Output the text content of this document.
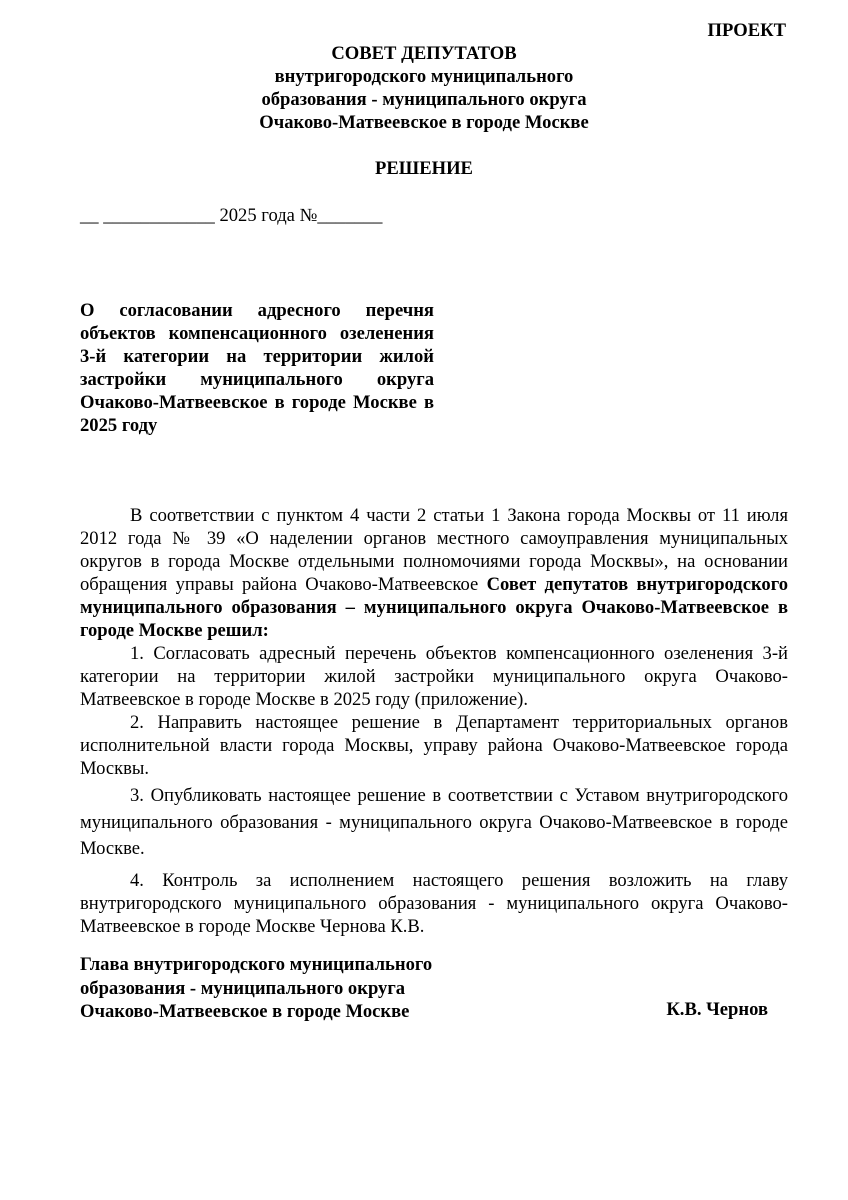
ПРОЕКТ
СОВЕТ ДЕПУТАТОВ
внутригородского муниципального
образования - муниципального округа
Очаково-Матвеевское в городе Москве
РЕШЕНИЕ
__ ____________ 2025 года №_______
О согласовании адресного перечня объектов компенсационного озеленения 3-й категории на территории жилой застройки муниципального округа Очаково-Матвеевское в городе Москве в 2025 году

В соответствии с пунктом 4 части 2 статьи 1 Закона города Москвы от 11 июля 2012 года № 39 «О наделении органов местного самоуправления муниципальных округов в города Москве отдельными полномочиями города Москвы», на основании обращения управы района Очаково-Матвеевское Совет депутатов внутригородского муниципального образования – муниципального округа Очаково-Матвеевское в городе Москве решил:

1. Согласовать адресный перечень объектов компенсационного озеленения 3-й категории на территории жилой застройки муниципального округа Очаково-Матвеевское в городе Москве в 2025 году (приложение).

2. Направить настоящее решение в Департамент территориальных органов исполнительной власти города Москвы, управу района Очаково-Матвеевское города Москвы.

3. Опубликовать настоящее решение в соответствии с Уставом внутригородского муниципального образования - муниципального округа Очаково-Матвеевское в городе Москве.

4. Контроль за исполнением настоящего решения возложить на главу внутригородского муниципального образования - муниципального округа Очаково-Матвеевское в городе Москве Чернова К.В.

Глава внутригородского муниципального
образования - муниципального округа
Очаково-Матвеевское в городе Москве	К.В. Чернов
